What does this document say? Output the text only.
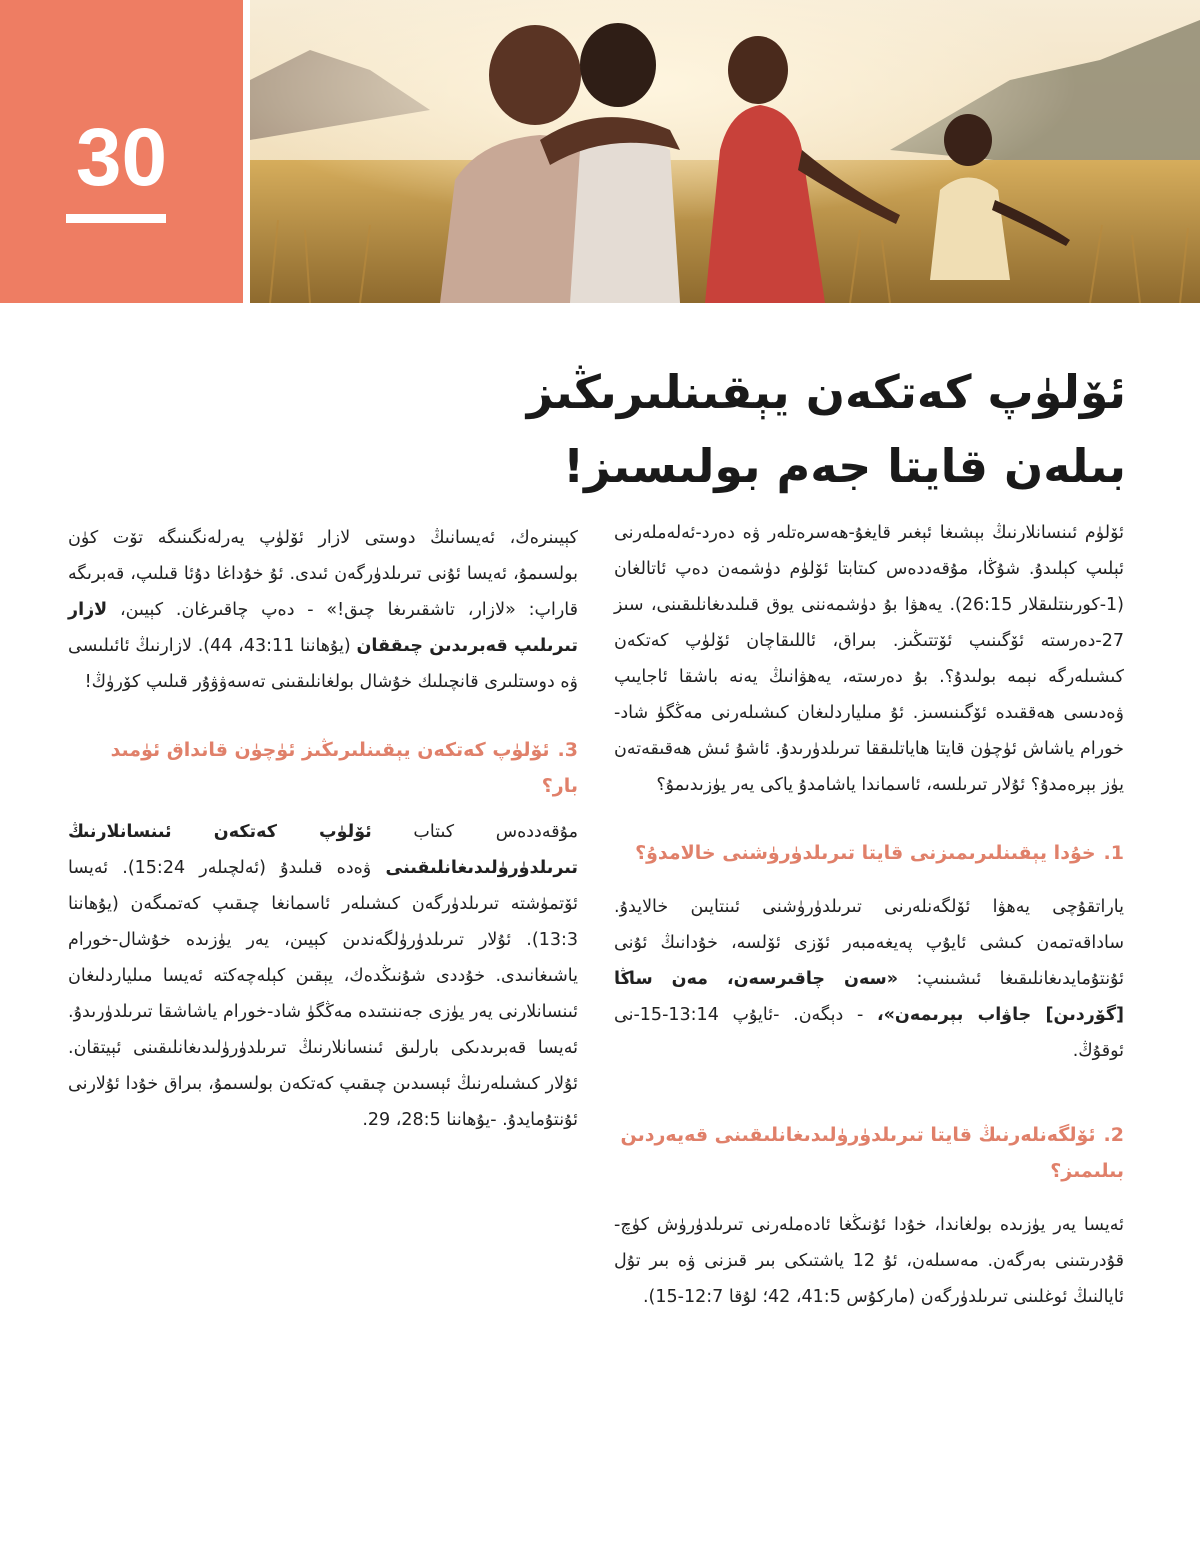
30
ئۆلۈپ كەتكەن يېقىنلىرىڭىز
بىلەن قايتا جەم بولىسىز!

ئۆلۈم ئىنسانلارنىڭ بېشىغا ئېغىر قايغۇ-ھەسرەتلەر ۋە دەرد-ئەلەملەرنى ئېلىپ كېلىدۇ. شۇڭا، مۇقەددەس كىتابتا ئۆلۈم دۈشمەن دەپ ئاتالغان (1-كورىنتلىقلار 26:15). يەھۋا بۇ دۈشمەننى يوق قىلىدىغانلىقىنى، سىز 27-دەرستە ئۆگىنىپ ئۆتتىڭىز. بىراق، ئاللىقاچان ئۆلۈپ كەتكەن كىشىلەرگە نېمە بولىدۇ؟. بۇ دەرستە، يەھۋانىڭ يەنە باشقا ئاجايىپ ۋەدىسى ھەققىدە ئۆگىنىسىز. ئۇ مىلياردلىغان كىشىلەرنى مەڭگۈ شاد-خورام ياشاش ئۈچۈن قايتا ھاياتلىققا تىرىلدۈرىدۇ. ئاشۇ ئىش ھەقىقەتەن يۈز بېرەمدۇ؟ ئۇلار تىرىلسە، ئاسماندا ياشامدۇ ياكى يەر يۈزىدىمۇ؟

1.خۇدا يېقىنلىرىمىزنى قايتا تىرىلدۈرۈشنى خالامدۇ؟

ياراتقۇچى يەھۋا ئۆلگەنلەرنى تىرىلدۈرۈشنى ئىنتايىن خالايدۇ. ساداقەتمەن كىشى ئايۇپ پەيغەمبەر ئۆزى ئۆلسە، خۇدانىڭ ئۇنى ئۇنتۇمايدىغانلىقىغا ئىشىنىپ: «سەن چاقىرسەن، مەن ساڭا [گۆردىن] جاۋاب بېرىمەن»، - دېگەن. -ئايۇپ 13:14-15-نى ئوقۇڭ.

2.ئۆلگەنلەرنىڭ قايتا تىرىلدۈرۈلىدىغانلىقىنى قەيەردىن بىلىمىز؟

ئەيسا يەر يۈزىدە بولغاندا، خۇدا ئۇنىڭغا ئادەملەرنى تىرىلدۈرۈش كۈچ-قۇدرىتىنى بەرگەن. مەسىلەن، ئۇ 12 ياشتىكى بىر قىزنى ۋە بىر تۇل ئايالنىڭ ئوغلىنى تىرىلدۈرگەن (ماركۇس 41:5، 42؛ لۇقا 12:7-15).

كېيىنرەك، ئەيسانىڭ دوستى لازار ئۆلۈپ يەرلەنگىنىگە تۆت كۈن بولسىمۇ، ئەيسا ئۇنى تىرىلدۈرگەن ئىدى. ئۇ خۇداغا دۇئا قىلىپ، قەبرىگە قاراپ: «لازار، تاشقىرىغا چىق!» - دەپ چاقىرغان. كېيىن، لازار تىرىلىپ قەبرىدىن چىققان (يۇھاننا 43:11، 44). لازارنىڭ ئائىلىسى ۋە دوستلىرى قانچىلىك خۇشال بولغانلىقىنى تەسەۋۋۇر قىلىپ كۆرۈڭ!

3.ئۆلۈپ كەتكەن يېقىنلىرىڭىز ئۈچۈن قانداق ئۈمىد بار؟

مۇقەددەس كىتاب ئۆلۈپ كەتكەن ئىنسانلارنىڭ تىرىلدۈرۈلىدىغانلىقىنى ۋەدە قىلىدۇ (ئەلچىلەر 15:24). ئەيسا ئۆتمۈشتە تىرىلدۈرگەن كىشىلەر ئاسمانغا چىقىپ كەتمىگەن (يۇھاننا 13:3). ئۇلار تىرىلدۈرۈلگەندىن كېيىن، يەر يۈزىدە خۇشال-خورام ياشىغانىدى. خۇددى شۇنىڭدەك، يېقىن كېلەچەكتە ئەيسا مىلياردلىغان ئىنسانلارنى يەر يۈزى جەننىتىدە مەڭگۈ شاد-خورام ياشاشقا تىرىلدۈرىدۇ. ئەيسا قەبرىدىكى بارلىق ئىنسانلارنىڭ تىرىلدۈرۈلىدىغانلىقىنى ئېيتقان. ئۇلار كىشىلەرنىڭ ئېسىدىن چىقىپ كەتكەن بولسىمۇ، بىراق خۇدا ئۇلارنى ئۇنتۇمايدۇ. -يۇھاننا 28:5، 29.
